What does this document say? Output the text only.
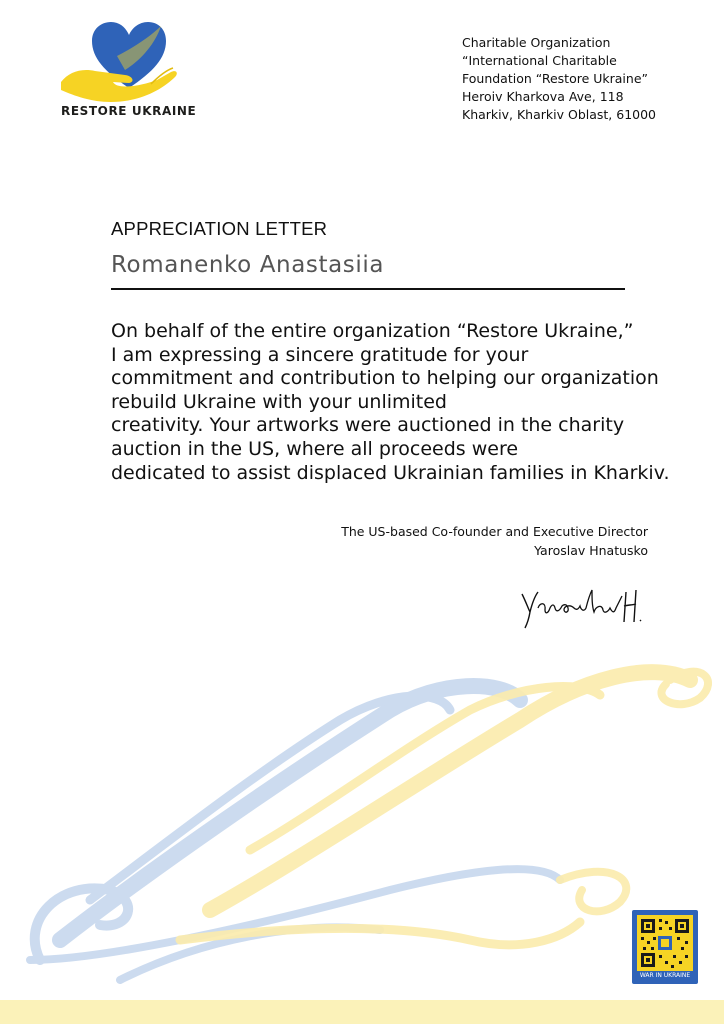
RESTORE UKRAINE
Charitable Organization
“International Charitable
Foundation “Restore Ukraine”
Heroiv Kharkova Ave, 118
Kharkiv, Kharkiv Oblast, 61000
APPRECIATION LETTER
Romanenko Anastasiia
On behalf of the entire organization “Restore Ukraine,”
I am expressing a sincere gratitude for your
commitment and contribution to helping our organization
rebuild Ukraine with your unlimited
creativity. Your artworks were auctioned in the charity
auction in the US, where all proceeds were
dedicated to assist displaced Ukrainian families in Kharkiv.
The US-based Co-founder and Executive Director
Yaroslav Hnatusko
WAR IN UKRAINE
